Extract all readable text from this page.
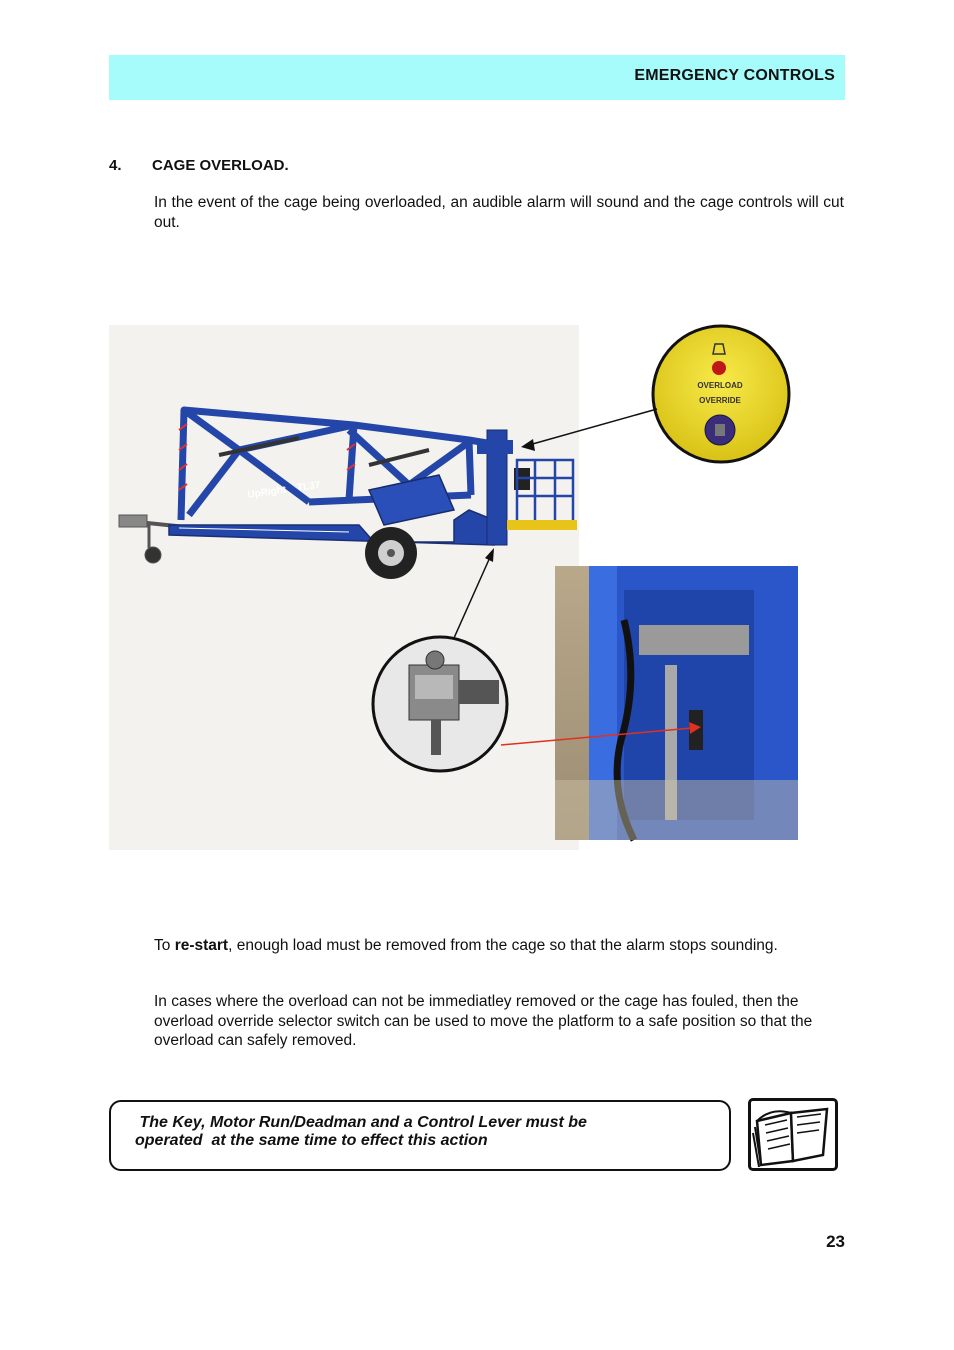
EMERGENCY CONTROLS
4. CAGE OVERLOAD.
In the event of the cage being overloaded, an audible alarm will sound and the cage controls will cut out.
UpRight TL37
OVERLOAD
OVERRIDE
To re-start, enough load must be removed from the cage so that the alarm stops sounding.
In cases where the overload can not be immediatley removed or the cage has fouled, then the overload override selector switch can be used to move the platform to a safe position so that the overload can safely removed.
The Key, Motor Run/Deadman and a Control Lever must be
operated  at the same time to effect this action
23
